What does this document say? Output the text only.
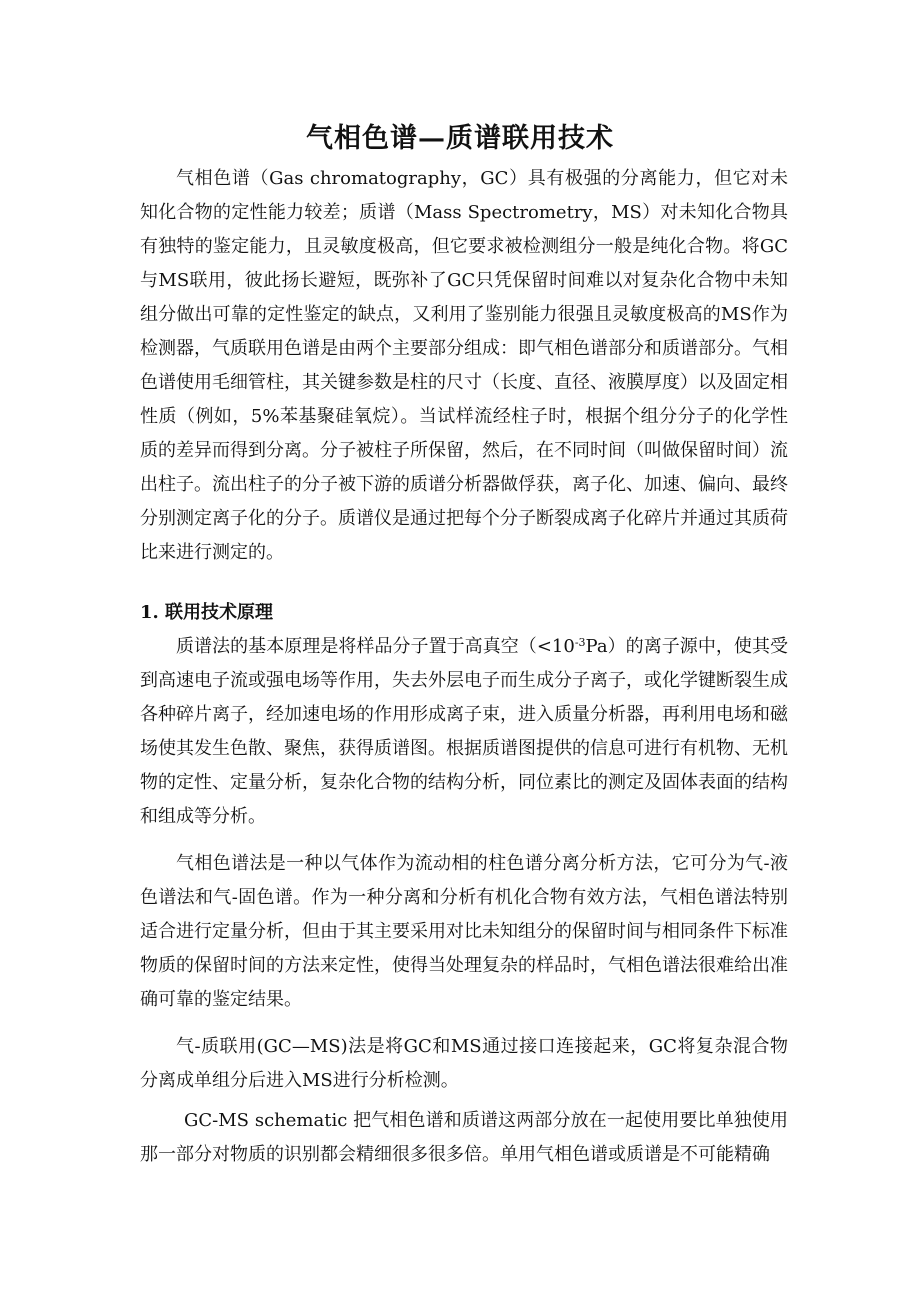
气相色谱—质谱联用技术

气相色谱（Gas chromatography，GC）具有极强的分离能力，但它对未知化合物的定性能力较差；质谱（Mass Spectrometry，MS）对未知化合物具有独特的鉴定能力，且灵敏度极高，但它要求被检测组分一般是纯化合物。将GC与MS联用，彼此扬长避短，既弥补了GC只凭保留时间难以对复杂化合物中未知组分做出可靠的定性鉴定的缺点，又利用了鉴别能力很强且灵敏度极高的MS作为检测器，气质联用色谱是由两个主要部分组成：即气相色谱部分和质谱部分。气相色谱使用毛细管柱，其关键参数是柱的尺寸（长度、直径、液膜厚度）以及固定相性质（例如，5%苯基聚硅氧烷）。当试样流经柱子时，根据个组分分子的化学性质的差异而得到分离。分子被柱子所保留，然后，在不同时间（叫做保留时间）流出柱子。流出柱子的分子被下游的质谱分析器做俘获，离子化、加速、偏向、最终分别测定离子化的分子。质谱仪是通过把每个分子断裂成离子化碎片并通过其质荷比来进行测定的。

1. 联用技术原理

质谱法的基本原理是将样品分子置于高真空$(<10^{-3}Pa)$的离子源中，使其受到高速电子流或强电场等作用，失去外层电子而生成分子离子，或化学键断裂生成各种碎片离子，经加速电场的作用形成离子束，进入质量分析器，再利用电场和磁场使其发生色散、聚焦，获得质谱图。根据质谱图提供的信息可进行有机物、无机物的定性、定量分析，复杂化合物的结构分析，同位素比的测定及固体表面的结构和组成等分析。

气相色谱法是一种以气体作为流动相的柱色谱分离分析方法，它可分为气-液色谱法和气-固色谱。作为一种分离和分析有机化合物有效方法，气相色谱法特别适合进行定量分析，但由于其主要采用对比未知组分的保留时间与相同条件下标准物质的保留时间的方法来定性，使得当处理复杂的样品时，气相色谱法很难给出准确可靠的鉴定结果。

气-质联用(GC—MS)法是将GC和MS通过接口连接起来，GC将复杂混合物分离成单组分后进入MS进行分析检测。

GC-MS schematic 把气相色谱和质谱这两部分放在一起使用要比单独使用那一部分对物质的识别都会精细很多很多倍。单用气相色谱或质谱是不可能精确
